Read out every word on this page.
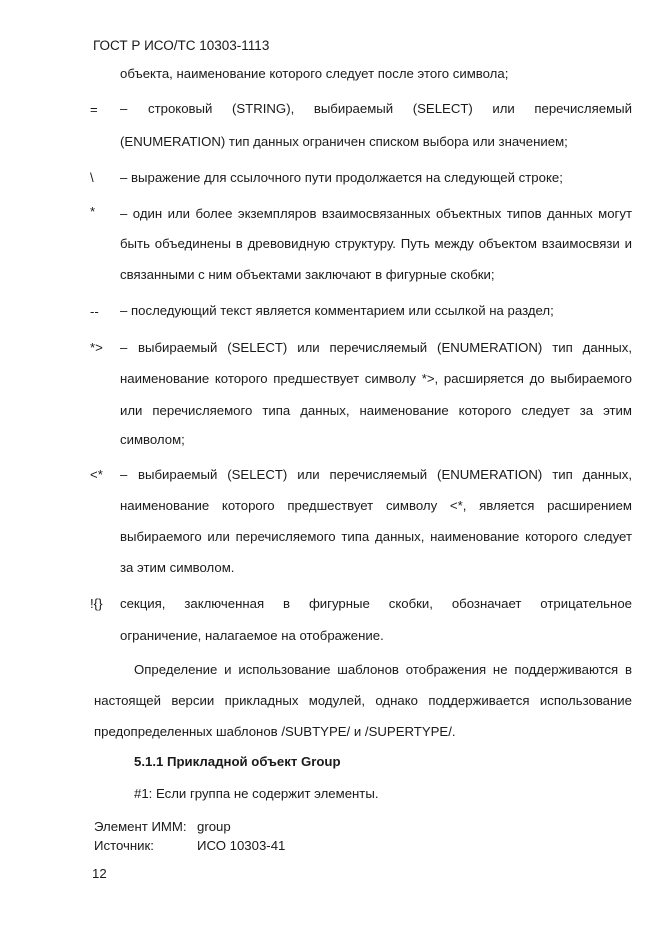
ГОСТ Р ИСО/ТС 10303-1113
объекта, наименование которого следует после этого символа;
= – строковый (STRING), выбираемый (SELECT) или перечисляемый
(ENUMERATION) тип данных ограничен списком выбора или значением;
\ – выражение для ссылочного пути продолжается на следующей строке;
* – один или более экземпляров взаимосвязанных объектных типов данных могут
быть объединены в древовидную структуру. Путь между объектом взаимосвязи и
связанными с ним объектами заключают в фигурные скобки;
-- – последующий текст является комментарием или ссылкой на раздел;
*> – выбираемый (SELECT) или перечисляемый (ENUMERATION) тип данных,
наименование которого предшествует символу *>, расширяется до выбираемого
или перечисляемого типа данных, наименование которого следует за этим
символом;
<* – выбираемый (SELECT) или перечисляемый (ENUMERATION) тип данных,
наименование которого предшествует символу <*, является расширением
выбираемого или перечисляемого типа данных, наименование которого следует
за этим символом.
!{} секция, заключенная в фигурные скобки, обозначает отрицательное
ограничение, налагаемое на отображение.
Определение и использование шаблонов отображения не поддерживаются в
настоящей версии прикладных модулей, однако поддерживается использование
предопределенных шаблонов /SUBTYPE/ и /SUPERTYPE/.
5.1.1 Прикладной объект Group
#1: Если группа не содержит элементы.
Элемент ИММ: group
Источник:	ИСО 10303-41
12
